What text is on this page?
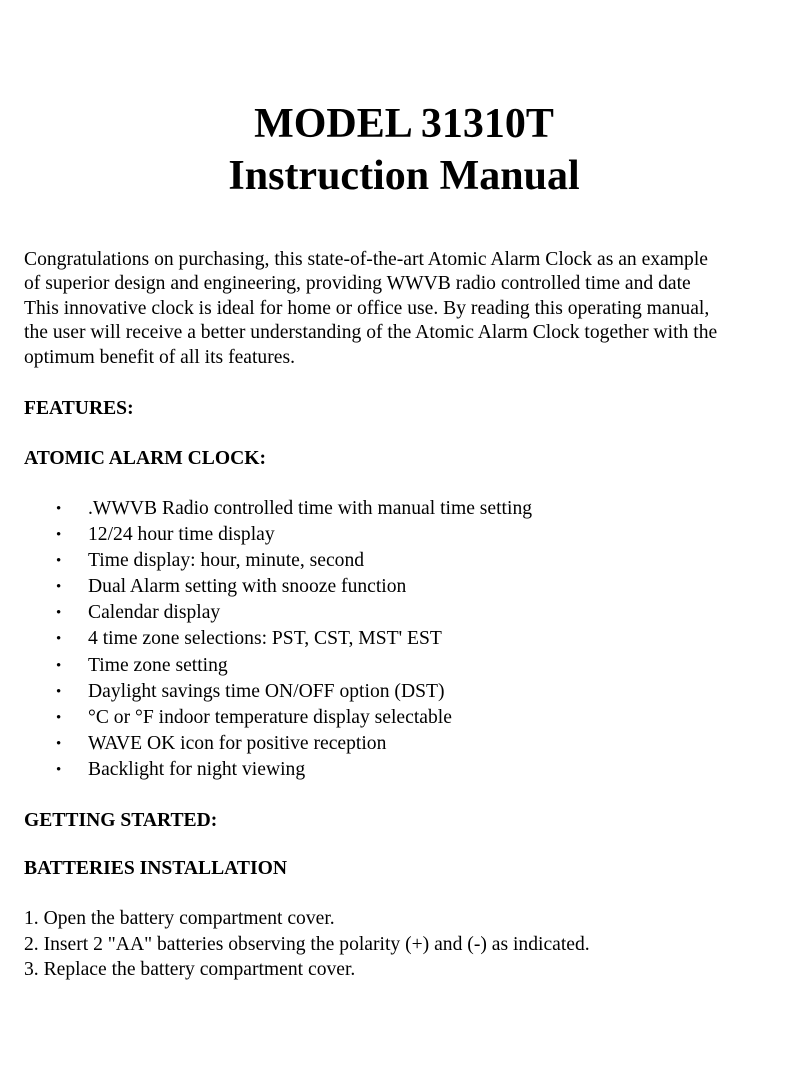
MODEL 31310T

Instruction Manual

Congratulations on purchasing, this state-of-the-art Atomic Alarm Clock as an example
of superior design and engineering, providing WWVB radio controlled time and date
This innovative clock is ideal for home or office use. By reading this operating manual,
the user will receive a better understanding of the Atomic Alarm Clock together with the
optimum benefit of all its features.

FEATURES:
ATOMIC ALARM CLOCK:
• .WWVB Radio controlled time with manual time setting
• 12/24 hour time display
• Time display: hour, minute, second
• Dual Alarm setting with snooze function
• Calendar display
• 4 time zone selections: PST, CST, MST' EST
• Time zone setting
• Daylight savings time ON/OFF option (DST)
• °C or °F indoor temperature display selectable
• WAVE OK icon for positive reception
• Backlight for night viewing
GETTING STARTED:
BATTERIES INSTALLATION
1. Open the battery compartment cover.
2. Insert 2 "AA" batteries observing the polarity (+) and (-) as indicated.
3. Replace the battery compartment cover.
